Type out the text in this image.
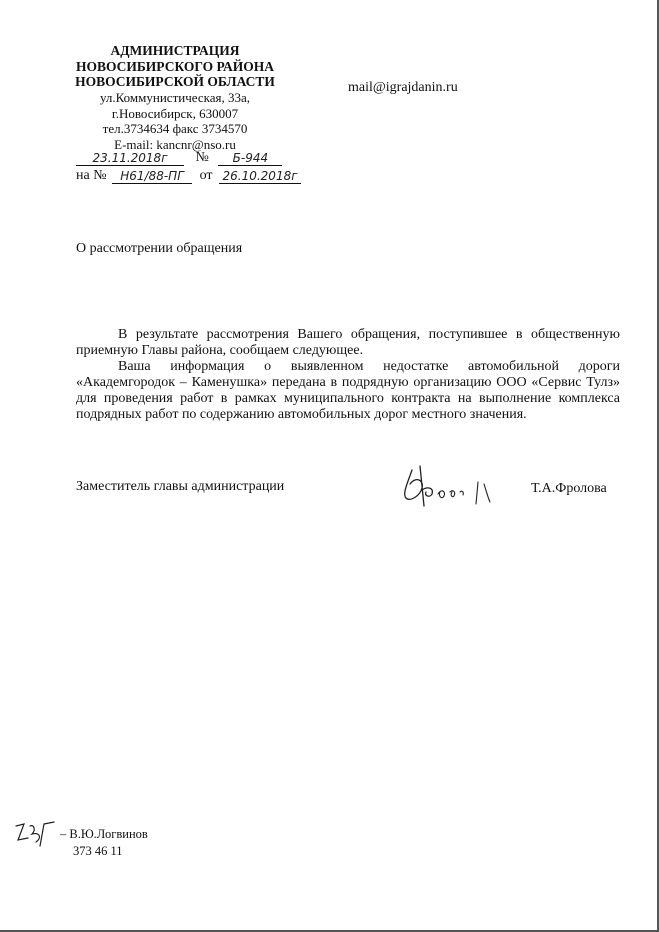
АДМИНИСТРАЦИЯ
НОВОСИБИРСКОГО РАЙОНА
НОВОСИБИРСКОЙ ОБЛАСТИ
ул.Коммунистическая, 33а,
г.Новосибирск, 630007
тел.3734634 факс 3734570
E-mail: kancnr@nso.ru
mail@igrajdanin.ru
23.11.2018г № Б-944
на № Н61/88-ПГ от 26.10.2018г
О рассмотрении обращения

В результате рассмотрения Вашего обращения, поступившее в общественную приемную Главы района, сообщаем следующее.

Ваша информация о выявленном недостатке автомобильной дороги «Академгородок – Каменушка» передана в подрядную организацию ООО «Сервис Тулз» для проведения работ в рамках муниципального контракта на выполнение комплекса подрядных работ по содержанию автомобильных дорог местного значения.

Заместитель главы администрации	Т.А.Фролова
– В.Ю.Логвинов
373 46 11
